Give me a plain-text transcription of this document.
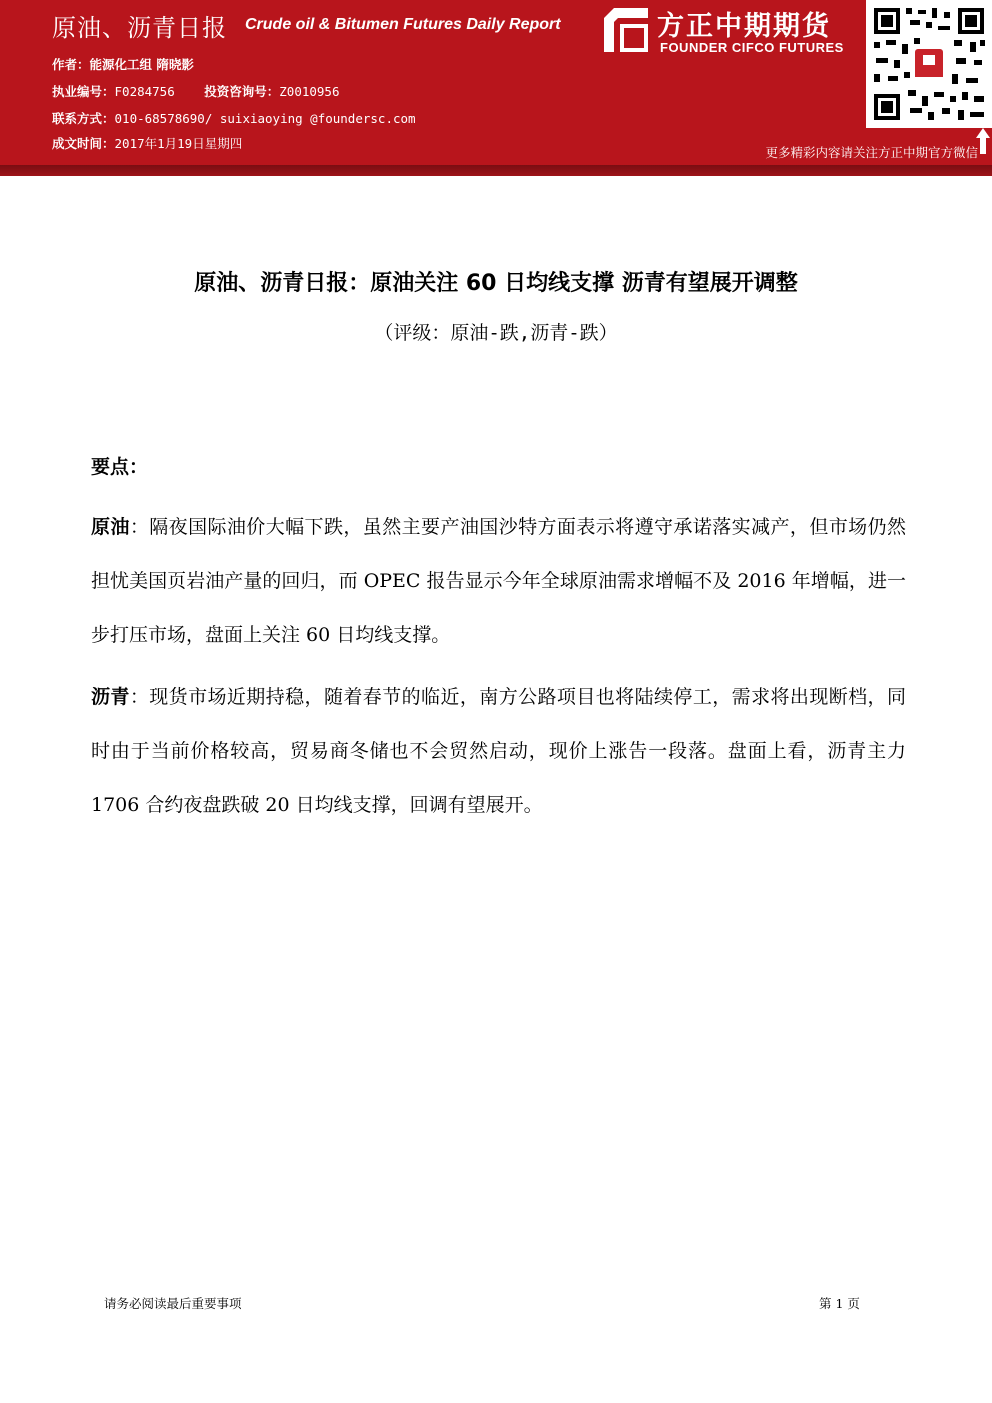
原油、沥青日报 Crude oil & Bitumen Futures Daily Report
作者：能源化工组 隋晓影
执业编号：F0284756 投资咨询号：Z0010956
联系方式：010-68578690/ suixiaoying @foundersc.com
成文时间：2017年1月19日星期四
方正中期期货
FOUNDER CIFCO FUTURES
更多精彩内容请关注方正中期官方微信
原油、沥青日报：原油关注 60 日均线支撑 沥青有望展开调整
（评级：原油-跌,沥青-跌）
要点：
原油：隔夜国际油价大幅下跌，虽然主要产油国沙特方面表示将遵守承诺落实减产，但市场仍然担忧美国页岩油产量的回归，而 OPEC 报告显示今年全球原油需求增幅不及 2016 年增幅，进一步打压市场，盘面上关注 60 日均线支撑。
沥青：现货市场近期持稳，随着春节的临近，南方公路项目也将陆续停工，需求将出现断档，同时由于当前价格较高，贸易商冬储也不会贸然启动，现价上涨告一段落。盘面上看，沥青主力 1706 合约夜盘跌破 20 日均线支撑，回调有望展开。
请务必阅读最后重要事项	第 1 页
